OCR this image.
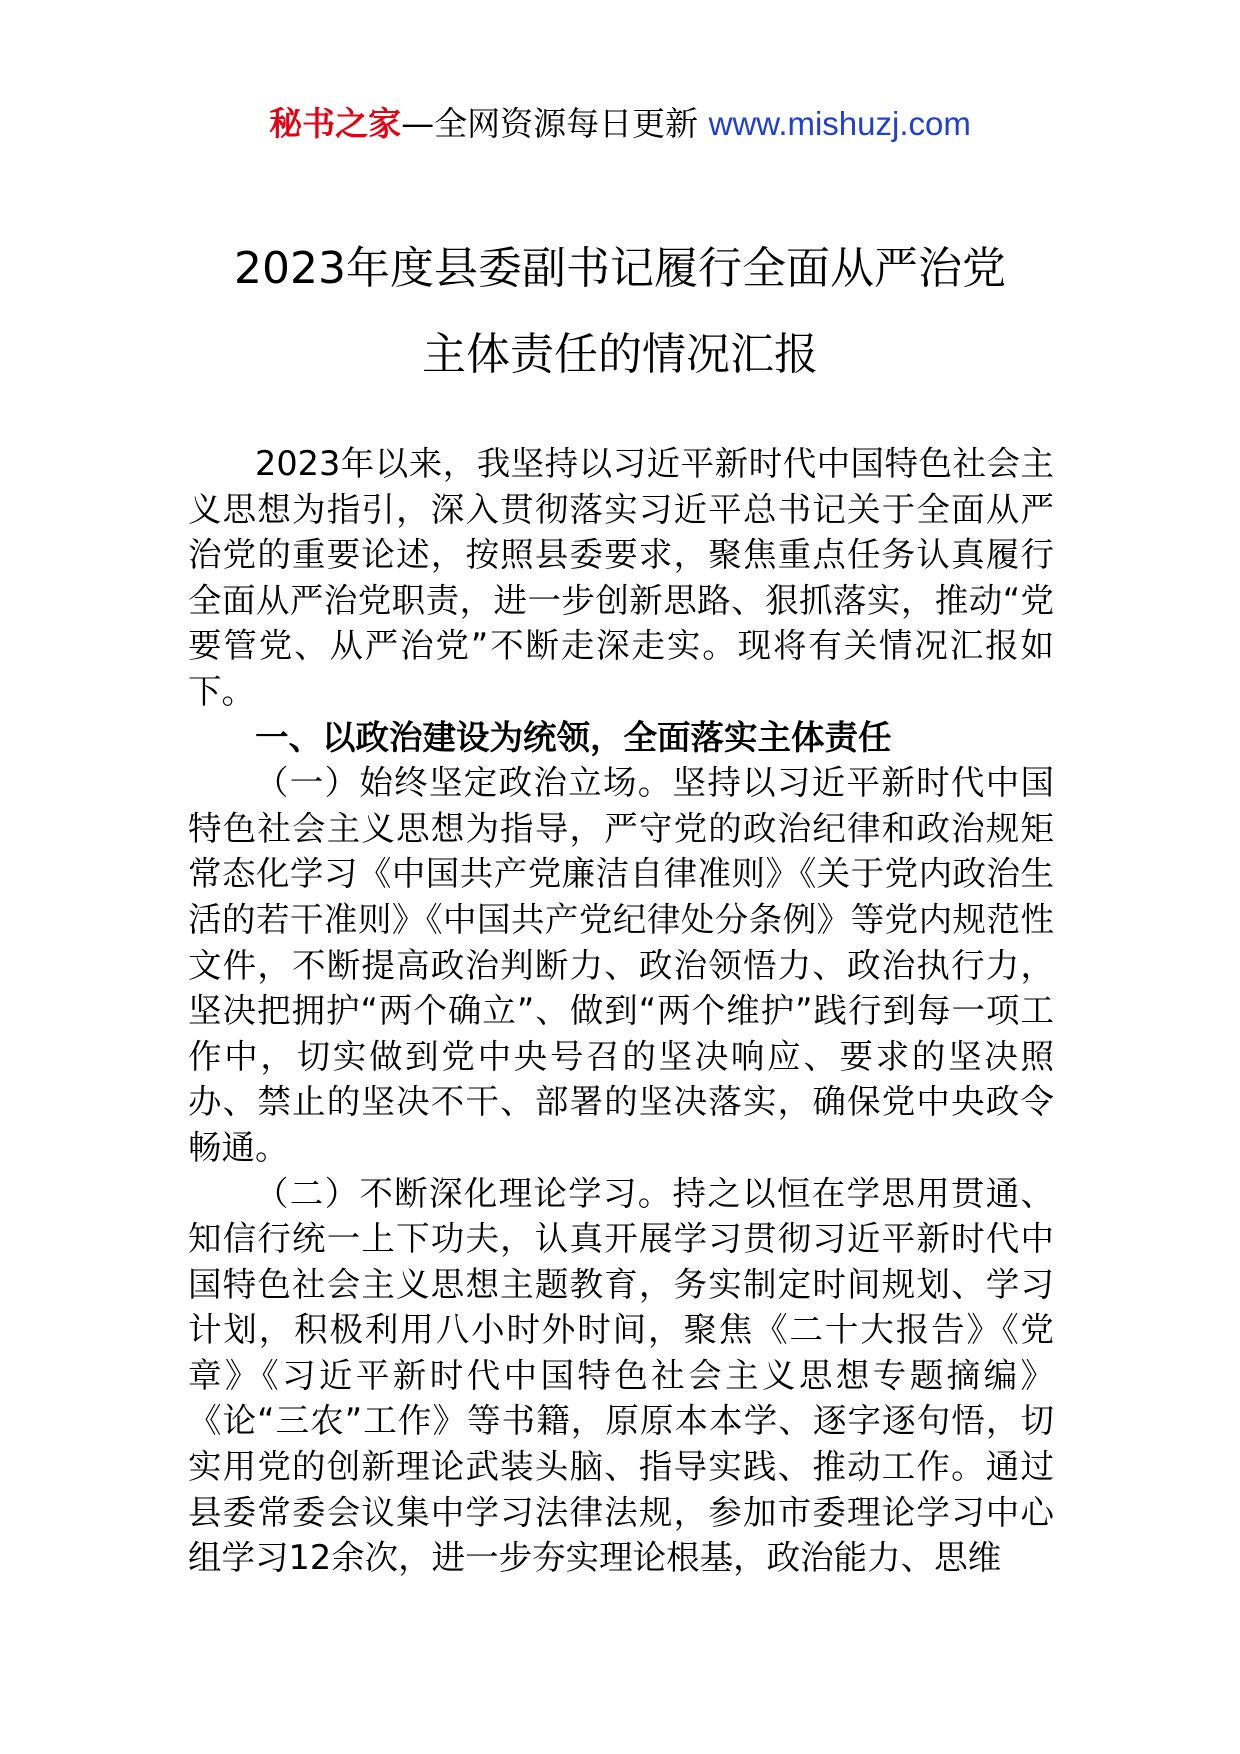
秘书之家—全网资源每日更新 www.mishuzj.com
2023年度县委副书记履行全面从严治党
主体责任的情况汇报

2023年以来，我坚持以习近平新时代中国特色社会主义思想为指引，深入贯彻落实习近平总书记关于全面从严治党的重要论述，按照县委要求，聚焦重点任务认真履行全面从严治党职责，进一步创新思路、狠抓落实，推动“党要管党、从严治党”不断走深走实。现将有关情况汇报如下。

一、以政治建设为统领，全面落实主体责任

（一）始终坚定政治立场。坚持以习近平新时代中国特色社会主义思想为指导，严守党的政治纪律和政治规矩常态化学习《中国共产党廉洁自律准则》《关于党内政治生活的若干准则》《中国共产党纪律处分条例》等党内规范性文件，不断提高政治判断力、政治领悟力、政治执行力，坚决把拥护“两个确立”、做到“两个维护”践行到每一项工作中，切实做到党中央号召的坚决响应、要求的坚决照办、禁止的坚决不干、部署的坚决落实，确保党中央政令畅通。

（二）不断深化理论学习。持之以恒在学思用贯通、知信行统一上下功夫，认真开展学习贯彻习近平新时代中国特色社会主义思想主题教育，务实制定时间规划、学习计划，积极利用八小时外时间，聚焦《二十大报告》《党章》《习近平新时代中国特色社会主义思想专题摘编》《论“三农”工作》等书籍，原原本本学、逐字逐句悟，切实用党的创新理论武装头脑、指导实践、推动工作。通过县委常委会议集中学习法律法规，参加市委理论学习中心组学习12余次，进一步夯实理论根基，政治能力、思维
